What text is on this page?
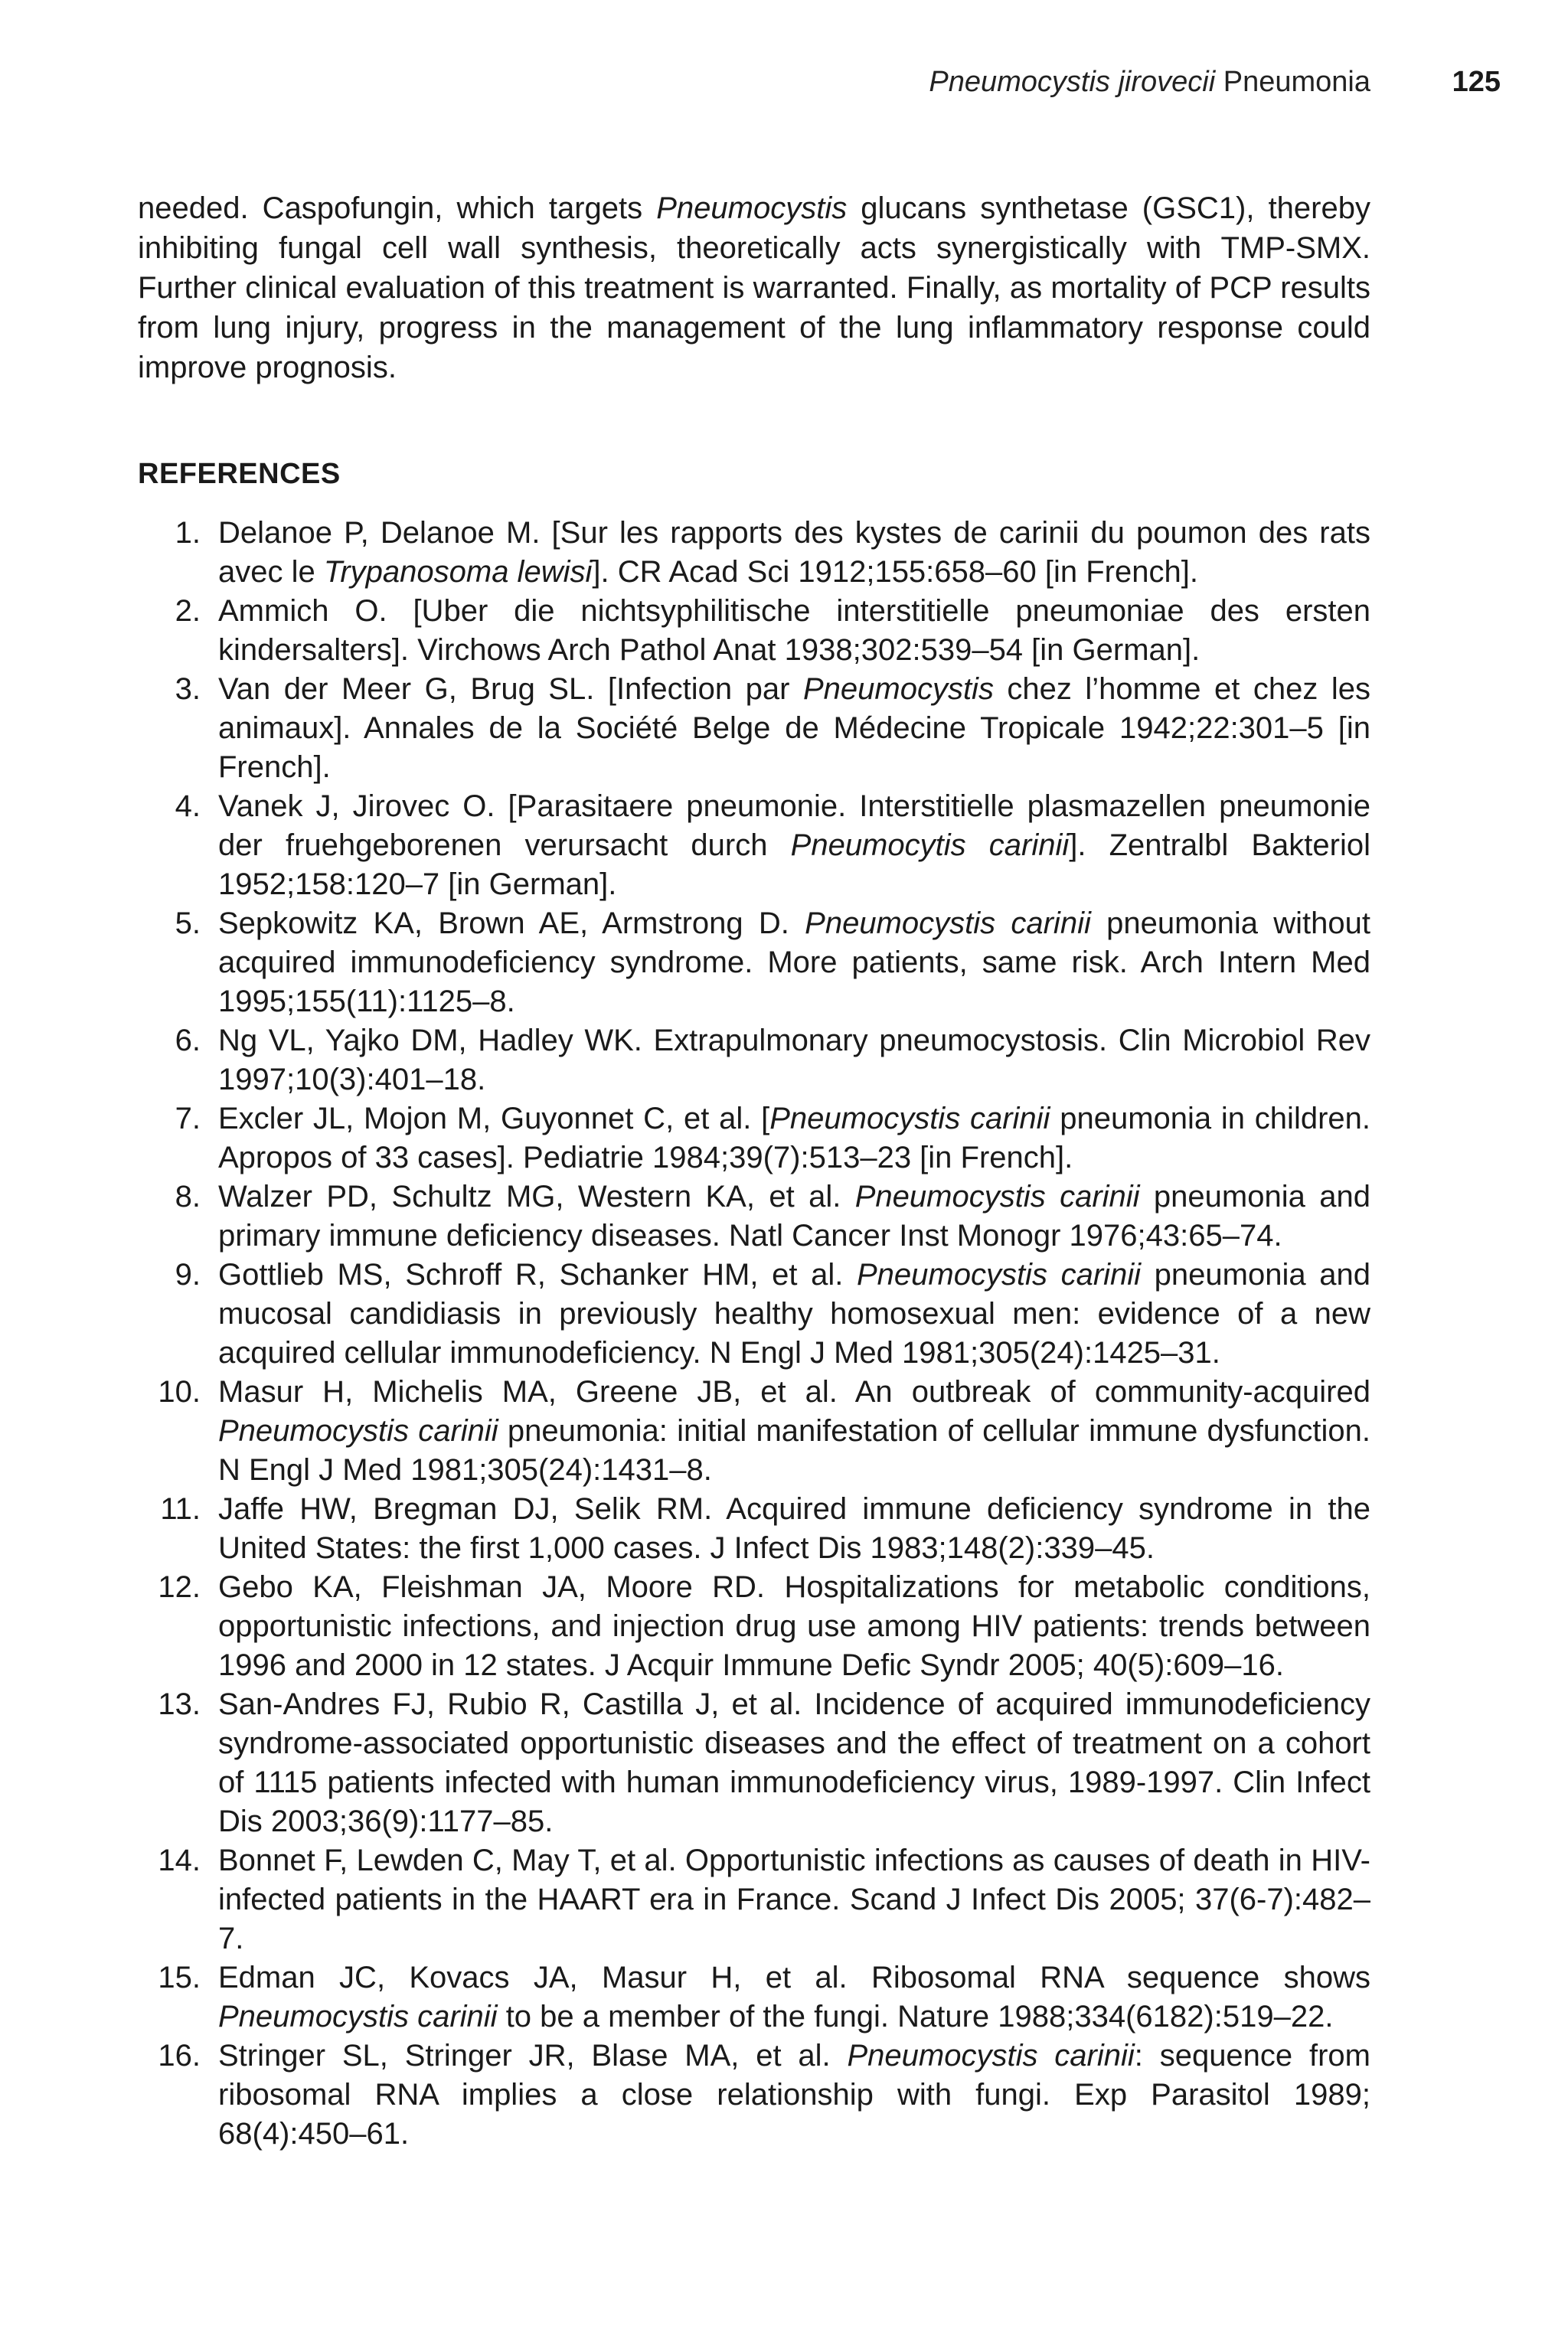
Pneumocystis jirovecii Pneumonia	125

needed. Caspofungin, which targets Pneumocystis glucans synthetase (GSC1), thereby inhibiting fungal cell wall synthesis, theoretically acts synergistically with TMP-SMX. Further clinical evaluation of this treatment is warranted. Finally, as mortality of PCP results from lung injury, progress in the management of the lung inflammatory response could improve prognosis.

REFERENCES
1. Delanoe P, Delanoe M. [Sur les rapports des kystes de carinii du poumon des rats avec le Trypanosoma lewisi]. CR Acad Sci 1912;155:658–60 [in French].
2. Ammich O. [Uber die nichtsyphilitische interstitielle pneumoniae des ersten kindersalters]. Virchows Arch Pathol Anat 1938;302:539–54 [in German].
3. Van der Meer G, Brug SL. [Infection par Pneumocystis chez l’homme et chez les animaux]. Annales de la Société Belge de Médecine Tropicale 1942;22:301–5 [in French].
4. Vanek J, Jirovec O. [Parasitaere pneumonie. Interstitielle plasmazellen pneumonie der fruehgeborenen verursacht durch Pneumocytis carinii]. Zentralbl Bakteriol 1952;158:120–7 [in German].
5. Sepkowitz KA, Brown AE, Armstrong D. Pneumocystis carinii pneumonia without acquired immunodeficiency syndrome. More patients, same risk. Arch Intern Med 1995;155(11):1125–8.
6. Ng VL, Yajko DM, Hadley WK. Extrapulmonary pneumocystosis. Clin Microbiol Rev 1997;10(3):401–18.
7. Excler JL, Mojon M, Guyonnet C, et al. [Pneumocystis carinii pneumonia in children. Apropos of 33 cases]. Pediatrie 1984;39(7):513–23 [in French].
8. Walzer PD, Schultz MG, Western KA, et al. Pneumocystis carinii pneumonia and primary immune deficiency diseases. Natl Cancer Inst Monogr 1976;43:65–74.
9. Gottlieb MS, Schroff R, Schanker HM, et al. Pneumocystis carinii pneumonia and mucosal candidiasis in previously healthy homosexual men: evidence of a new acquired cellular immunodeficiency. N Engl J Med 1981;305(24):1425–31.
10. Masur H, Michelis MA, Greene JB, et al. An outbreak of community-acquired Pneumocystis carinii pneumonia: initial manifestation of cellular immune dysfunction. N Engl J Med 1981;305(24):1431–8.
11. Jaffe HW, Bregman DJ, Selik RM. Acquired immune deficiency syndrome in the United States: the first 1,000 cases. J Infect Dis 1983;148(2):339–45.
12. Gebo KA, Fleishman JA, Moore RD. Hospitalizations for metabolic conditions, opportunistic infections, and injection drug use among HIV patients: trends between 1996 and 2000 in 12 states. J Acquir Immune Defic Syndr 2005; 40(5):609–16.
13. San-Andres FJ, Rubio R, Castilla J, et al. Incidence of acquired immunodeficiency syndrome-associated opportunistic diseases and the effect of treatment on a cohort of 1115 patients infected with human immunodeficiency virus, 1989-1997. Clin Infect Dis 2003;36(9):1177–85.
14. Bonnet F, Lewden C, May T, et al. Opportunistic infections as causes of death in HIV-infected patients in the HAART era in France. Scand J Infect Dis 2005; 37(6-7):482–7.
15. Edman JC, Kovacs JA, Masur H, et al. Ribosomal RNA sequence shows Pneumocystis carinii to be a member of the fungi. Nature 1988;334(6182):519–22.
16. Stringer SL, Stringer JR, Blase MA, et al. Pneumocystis carinii: sequence from ribosomal RNA implies a close relationship with fungi. Exp Parasitol 1989; 68(4):450–61.
